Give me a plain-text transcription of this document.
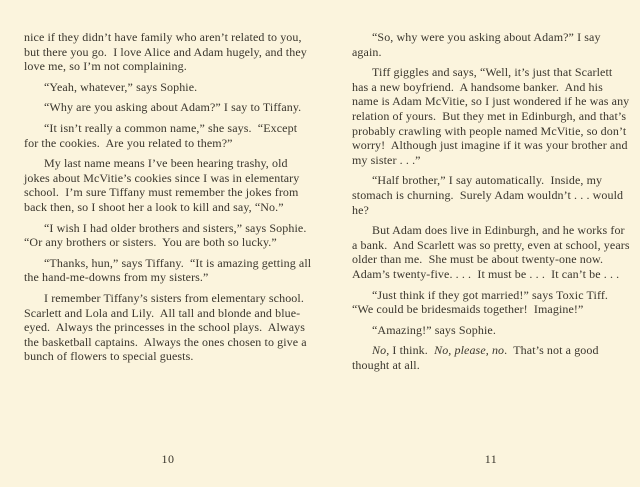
nice if they didn’t have family who aren’t related to you, but there you go.  I love Alice and Adam hugely, and they love me, so I’m not complaining.

“Yeah, whatever,” says Sophie.

“Why are you asking about Adam?” I say to Tiffany.

“It isn’t really a common name,” she says.  “Except for the cookies.  Are you related to them?”

My last name means I’ve been hearing trashy, old jokes about McVitie’s cookies since I was in elementary school.  I’m sure Tiffany must remember the jokes from back then, so I shoot her a look to kill and say, “No.”

“I wish I had older brothers and sisters,” says Sophie.  “Or any brothers or sisters.  You are both so lucky.”

“Thanks, hun,” says Tiffany.  “It is amazing getting all the hand-me-downs from my sisters.”

I remember Tiffany’s sisters from elementary school.  Scarlett and Lola and Lily.  All tall and blonde and blue-eyed.  Always the princesses in the school plays.  Always the basketball captains.  Always the ones chosen to give a bunch of flowers to special guests.

10

“So, why were you asking about Adam?” I say again.

Tiff giggles and says, “Well, it’s just that Scarlett has a new boyfriend.  A handsome banker.  And his name is Adam McVitie, so I just wondered if he was any relation of yours.  But they met in Edinburgh, and that’s probably crawling with people named McVitie, so don’t worry!  Although just imagine if it was your brother and my sister . . .”

“Half brother,” I say automatically.  Inside, my stomach is churning.  Surely Adam wouldn’t . . . would he?

But Adam does live in Edinburgh, and he works for a bank.  And Scarlett was so pretty, even at school, years older than me.  She must be about twenty-one now.  Adam’s twenty-five. . . .  It must be . . .  It can’t be . . .

“Just think if they got married!” says Toxic Tiff.  “We could be bridesmaids together!  Imagine!”

“Amazing!” says Sophie.

No, I think.  No, please, no.  That’s not a good thought at all.

11
